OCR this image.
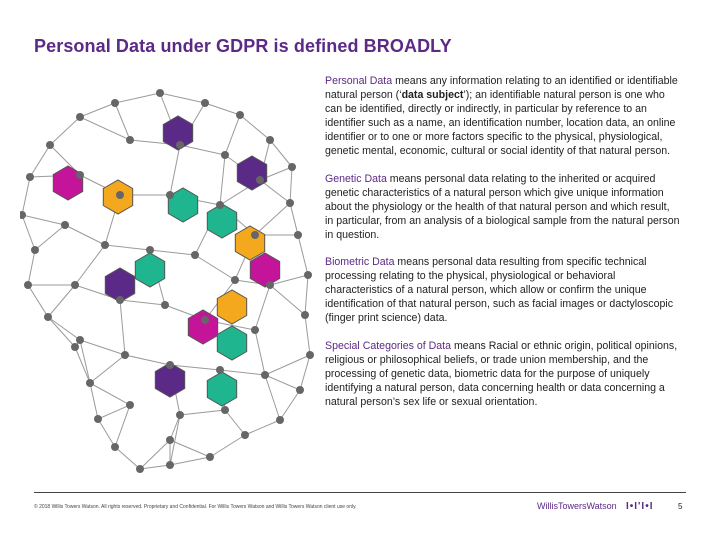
Personal Data under GDPR is defined BROADLY

Personal Data means any information relating to an identified or identifiable natural person (‘data subject’); an identifiable natural person is one who can be identified, directly or indirectly, in particular by reference to an identifier such as a name, an identification number, location data, an online identifier or to one or more factors specific to the physical, physiological, genetic mental, economic, cultural or social identity of that natural person.

Genetic Data means personal data relating to the inherited or acquired genetic characteristics of a natural person which give unique information about the physiology or the health of that natural person and which result, in particular, from an analysis of a biological sample from the natural person in question.

Biometric Data means personal data resulting from specific technical processing relating to the physical, physiological or behavioral characteristics of a natural person, which allow or confirm the unique identification of that natural person, such as facial images or dactyloscopic (finger print science) data.

Special Categories of Data means Racial or ethnic origin, political opinions, religious or philosophical beliefs, or trade union membership, and the processing of genetic data, biometric data for the purpose of uniquely identifying a natural person, data concerning health or data concerning a natural person’s sex life or sexual orientation.

© 2018 Willis Towers Watson. All rights reserved. Proprietary and Confidential. For Willis Towers Watson and Willis Towers Watson client use only.	WillisTowersWatson I•I'I•I	5
